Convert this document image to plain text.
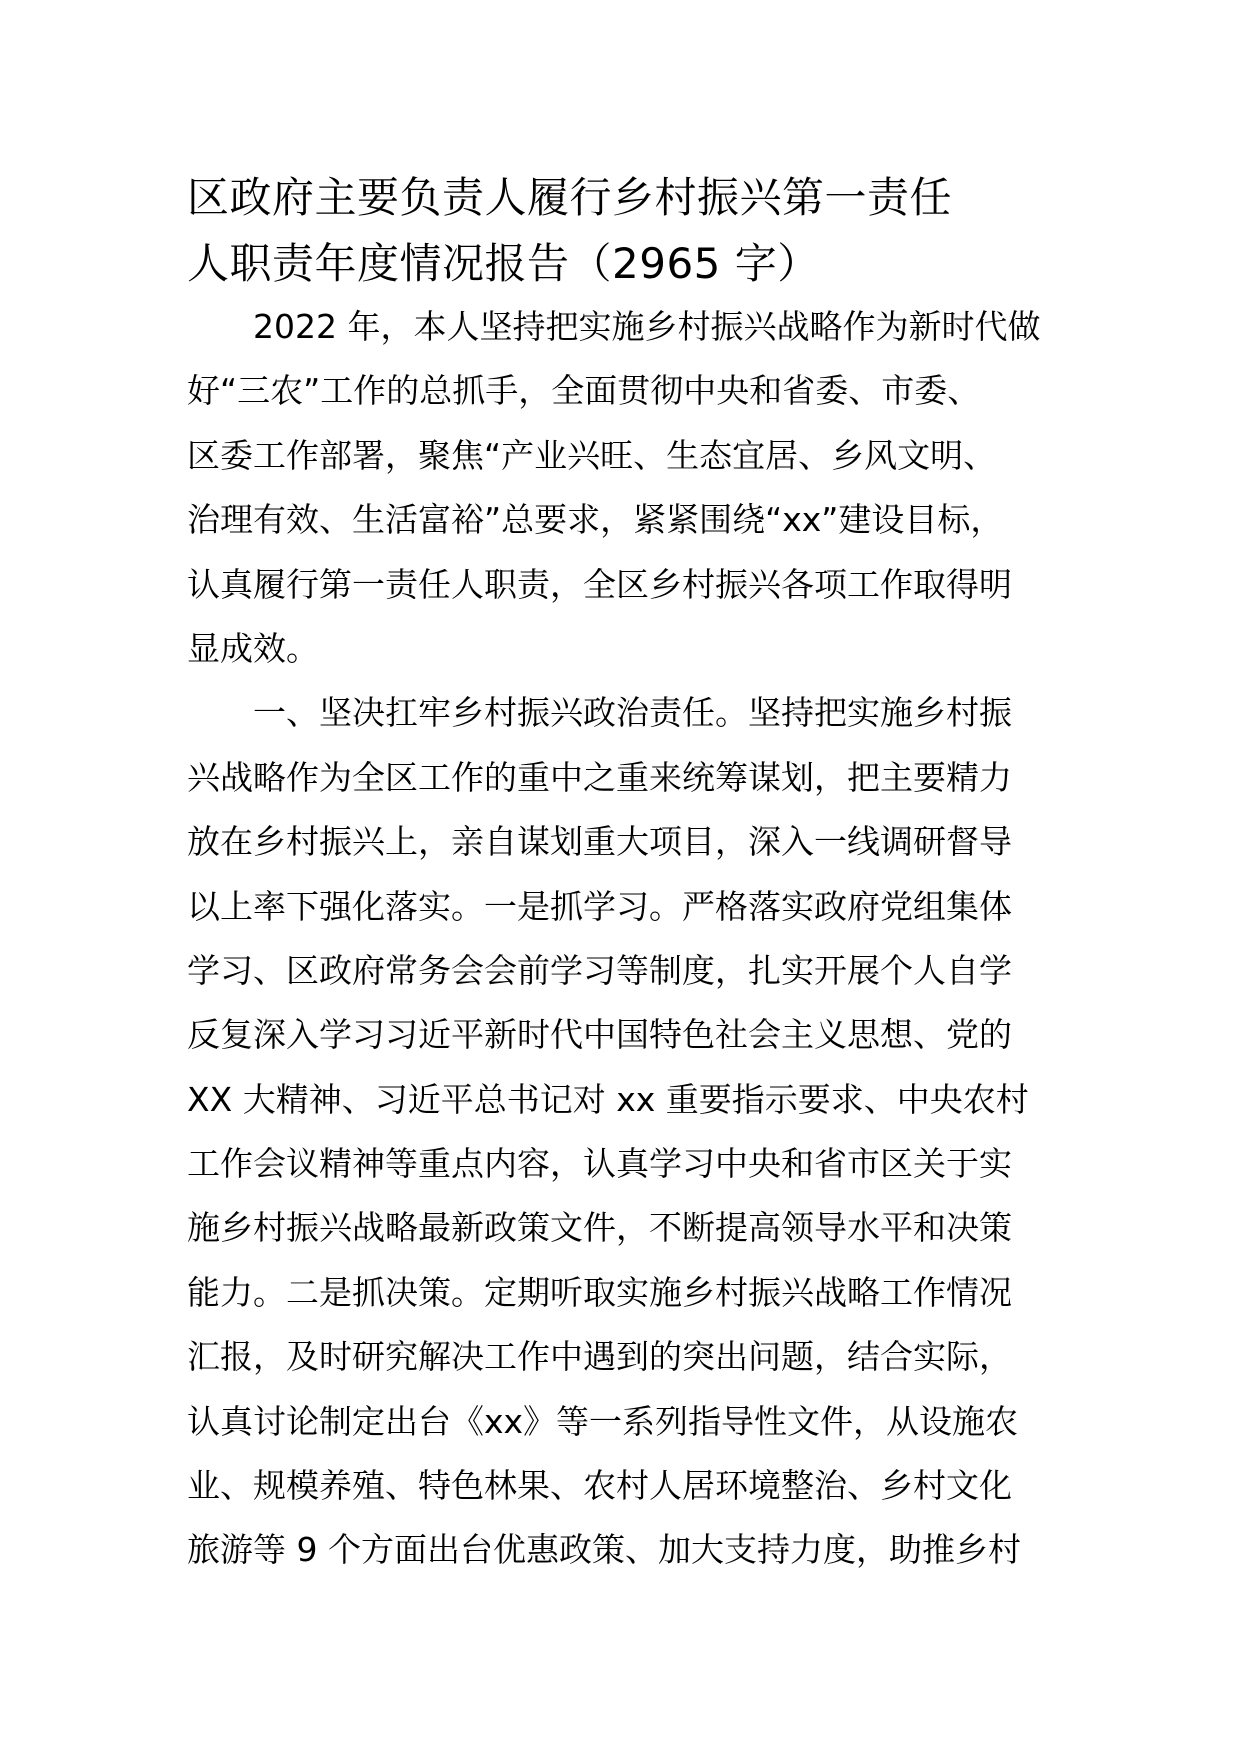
区政府主要负责人履行乡村振兴第一责任

人职责年度情况报告（2965 字）

2022 年，本人坚持把实施乡村振兴战略作为新时代做

好“三农”工作的总抓手，全面贯彻中央和省委、市委、

区委工作部署，聚焦“产业兴旺、生态宜居、乡风文明、

治理有效、生活富裕”总要求，紧紧围绕“xx”建设目标，

认真履行第一责任人职责，全区乡村振兴各项工作取得明

显成效。

一、坚决扛牢乡村振兴政治责任。坚持把实施乡村振

兴战略作为全区工作的重中之重来统筹谋划，把主要精力

放在乡村振兴上，亲自谋划重大项目，深入一线调研督导

以上率下强化落实。一是抓学习。严格落实政府党组集体

学习、区政府常务会会前学习等制度，扎实开展个人自学

反复深入学习习近平新时代中国特色社会主义思想、党的

XX 大精神、习近平总书记对 xx 重要指示要求、中央农村

工作会议精神等重点内容，认真学习中央和省市区关于实

施乡村振兴战略最新政策文件，不断提高领导水平和决策

能力。二是抓决策。定期听取实施乡村振兴战略工作情况

汇报，及时研究解决工作中遇到的突出问题，结合实际，

认真讨论制定出台《xx》等一系列指导性文件，从设施农

业、规模养殖、特色林果、农村人居环境整治、乡村文化

旅游等 9 个方面出台优惠政策、加大支持力度，助推乡村
